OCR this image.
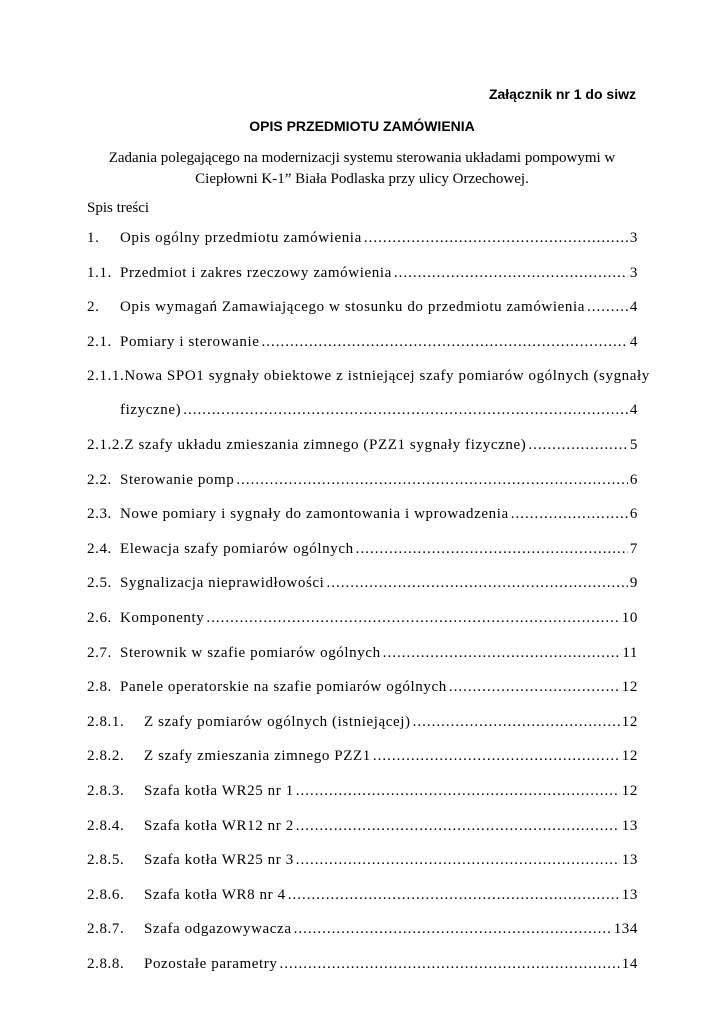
Załącznik nr 1 do siwz
OPIS PRZEDMIOTU ZAMÓWIENIA
Zadania polegającego na modernizacji systemu sterowania układami pompowymi w
Ciepłowni K-1” Biała Podlaska przy ulicy Orzechowej.
Spis treści
1.	Opis ogólny przedmiotu zamówienia .....	3
1.1. Przedmiot i zakres rzeczowy zamówienia .....	3
2.	Opis wymagań Zamawiającego w stosunku do przedmiotu zamówienia .....	4
2.1. Pomiary i sterowanie .....	4
2.1.1.Nowa SPO1 sygnały obiektowe z istniejącej szafy pomiarów ogólnych (sygnały
fizyczne) .....	4
2.1.2. Z szafy układu zmieszania zimnego (PZZ1 sygnały fizyczne) .....	5
2.2. Sterowanie pomp .....	6
2.3. Nowe pomiary i sygnały do zamontowania i wprowadzenia .....	6
2.4. Elewacja szafy pomiarów ogólnych .....	7
2.5. Sygnalizacja nieprawidłowości .....	9
2.6. Komponenty .....	10
2.7. Sterownik w szafie pomiarów ogólnych .....	11
2.8. Panele operatorskie na szafie pomiarów ogólnych .....	12
2.8.1.	Z szafy pomiarów ogólnych (istniejącej) .....	12
2.8.2.	Z szafy zmieszania zimnego PZZ1 .....	12
2.8.3.	Szafa kotła WR25 nr 1 .....	12
2.8.4.	Szafa kotła WR12 nr 2 .....	13
2.8.5.	Szafa kotła WR25 nr 3 .....	13
2.8.6.	Szafa kotła WR8 nr 4 .....	13
2.8.7.	Szafa odgazowywacza .....	134
2.8.8.	Pozostałe parametry .....	14
